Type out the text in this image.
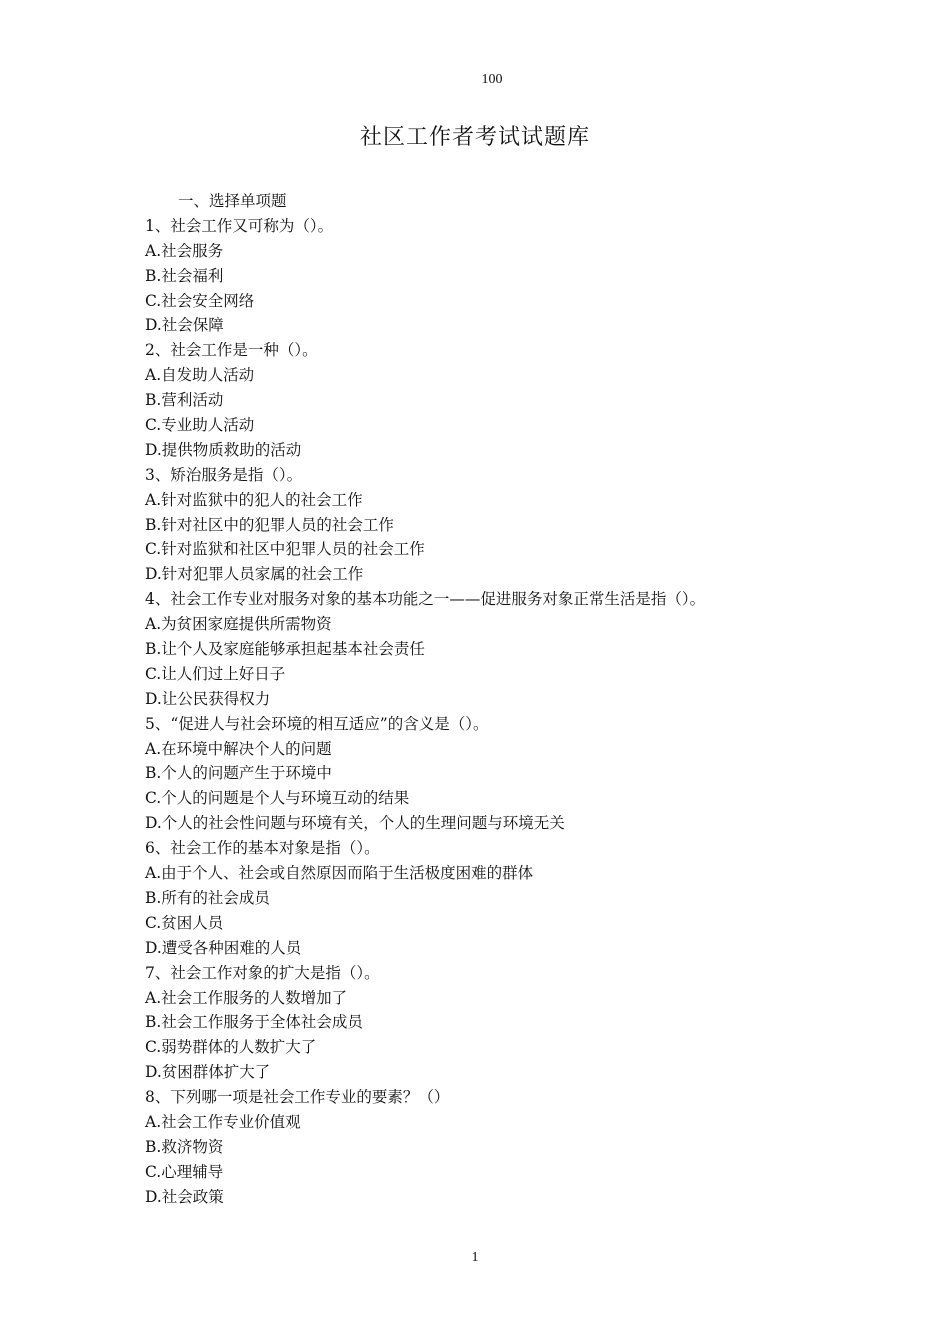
100
社区工作者考试试题库
一、选择单项题
1、社会工作又可称为（）。
A.社会服务
B.社会福利
C.社会安全网络
D.社会保障
2、社会工作是一种（）。
A.自发助人活动
B.营利活动
C.专业助人活动
D.提供物质救助的活动
3、矫治服务是指（）。
A.针对监狱中的犯人的社会工作
B.针对社区中的犯罪人员的社会工作
C.针对监狱和社区中犯罪人员的社会工作
D.针对犯罪人员家属的社会工作
4、社会工作专业对服务对象的基本功能之一——促进服务对象正常生活是指（）。
A.为贫困家庭提供所需物资
B.让个人及家庭能够承担起基本社会责任
C.让人们过上好日子
D.让公民获得权力
5、“促进人与社会环境的相互适应”的含义是（）。
A.在环境中解决个人的问题
B.个人的问题产生于环境中
C.个人的问题是个人与环境互动的结果
D.个人的社会性问题与环境有关，个人的生理问题与环境无关
6、社会工作的基本对象是指（）。
A.由于个人、社会或自然原因而陷于生活极度困难的群体
B.所有的社会成员
C.贫困人员
D.遭受各种困难的人员
7、社会工作对象的扩大是指（）。
A.社会工作服务的人数增加了
B.社会工作服务于全体社会成员
C.弱势群体的人数扩大了
D.贫困群体扩大了
8、下列哪一项是社会工作专业的要素？（）
A.社会工作专业价值观
B.救济物资
C.心理辅导
D.社会政策
1
